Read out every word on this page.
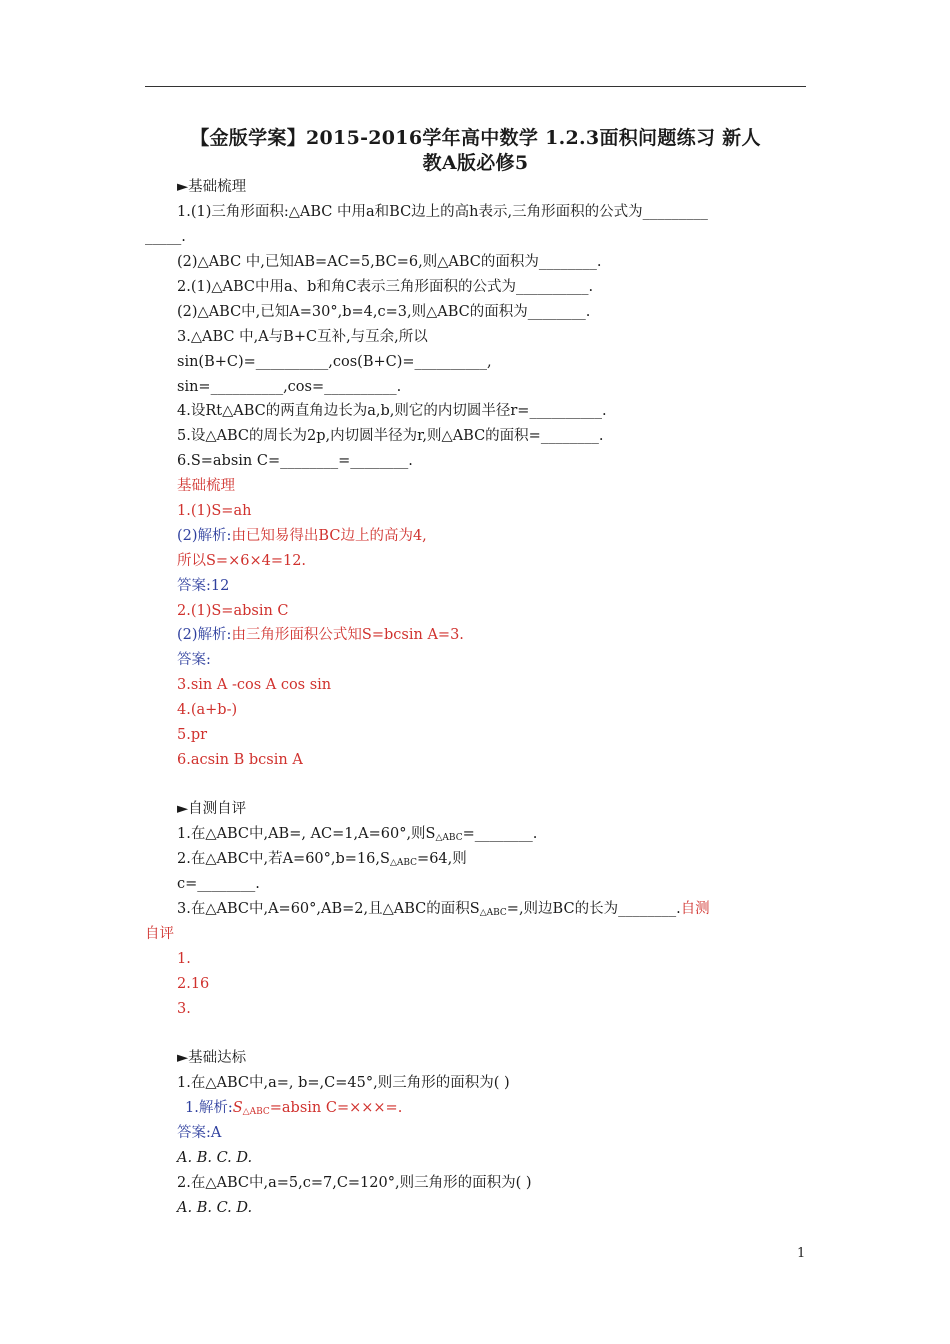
【金版学案】2015-2016学年高中数学 1.2.3面积问题练习 新人
教A版必修5
►基础梳理
1.(1)三角形面积:△ABC 中用a和BC边上的高h表示,三角形面积的公式为_________
_____.
(2)△ABC 中,已知AB=AC=5,BC=6,则△ABC的面积为________.
2.(1)△ABC中用a、b和角C表示三角形面积的公式为__________.
(2)△ABC中,已知A=30°,b=4,c=3,则△ABC的面积为________.
3.△ABC 中,A与B+C互补,与互余,所以
sin(B+C)=__________,cos(B+C)=__________,
sin=__________,cos=__________.
4.设Rt△ABC的两直角边长为a,b,则它的内切圆半径r=__________.
5.设△ABC的周长为2p,内切圆半径为r,则△ABC的面积=________.
6.S=absin C=________=________.
基础梳理
1.(1)S=ah
(2)解析:由已知易得出BC边上的高为4,
所以S=×6×4=12.
答案:12
2.(1)S=absin C
(2)解析:由三角形面积公式知S=bcsin A=3.
答案:
3.sin A -cos A cos sin
4.(a+b-)
5.pr
6.acsin B bcsin A
►自测自评
1.在△ABC中,AB=, AC=1,A=60°,则$S_{\triangle ABC}=\_\_\_\_\_\_\_\_$.
2.在△ABC中,若$A=60^\circ,b=16,S_{\triangle ABC}=64$,则
c=________.
3.在△ABC中,A=60°,AB=2,且△ABC的面积$S_{\triangle ABC}=$,则边BC的长为________.自测
自评
1.
2.16
3.
►基础达标
1.在△ABC中,a=, b=,C=45°,则三角形的面积为( )
1.解析$:S_{\triangle ABC}=absin$ C=×××=.
答案:A
A. B. C. D.
2.在△ABC中,a=5,c=7,C=120°,则三角形的面积为( )
A. B. C. D.
1
